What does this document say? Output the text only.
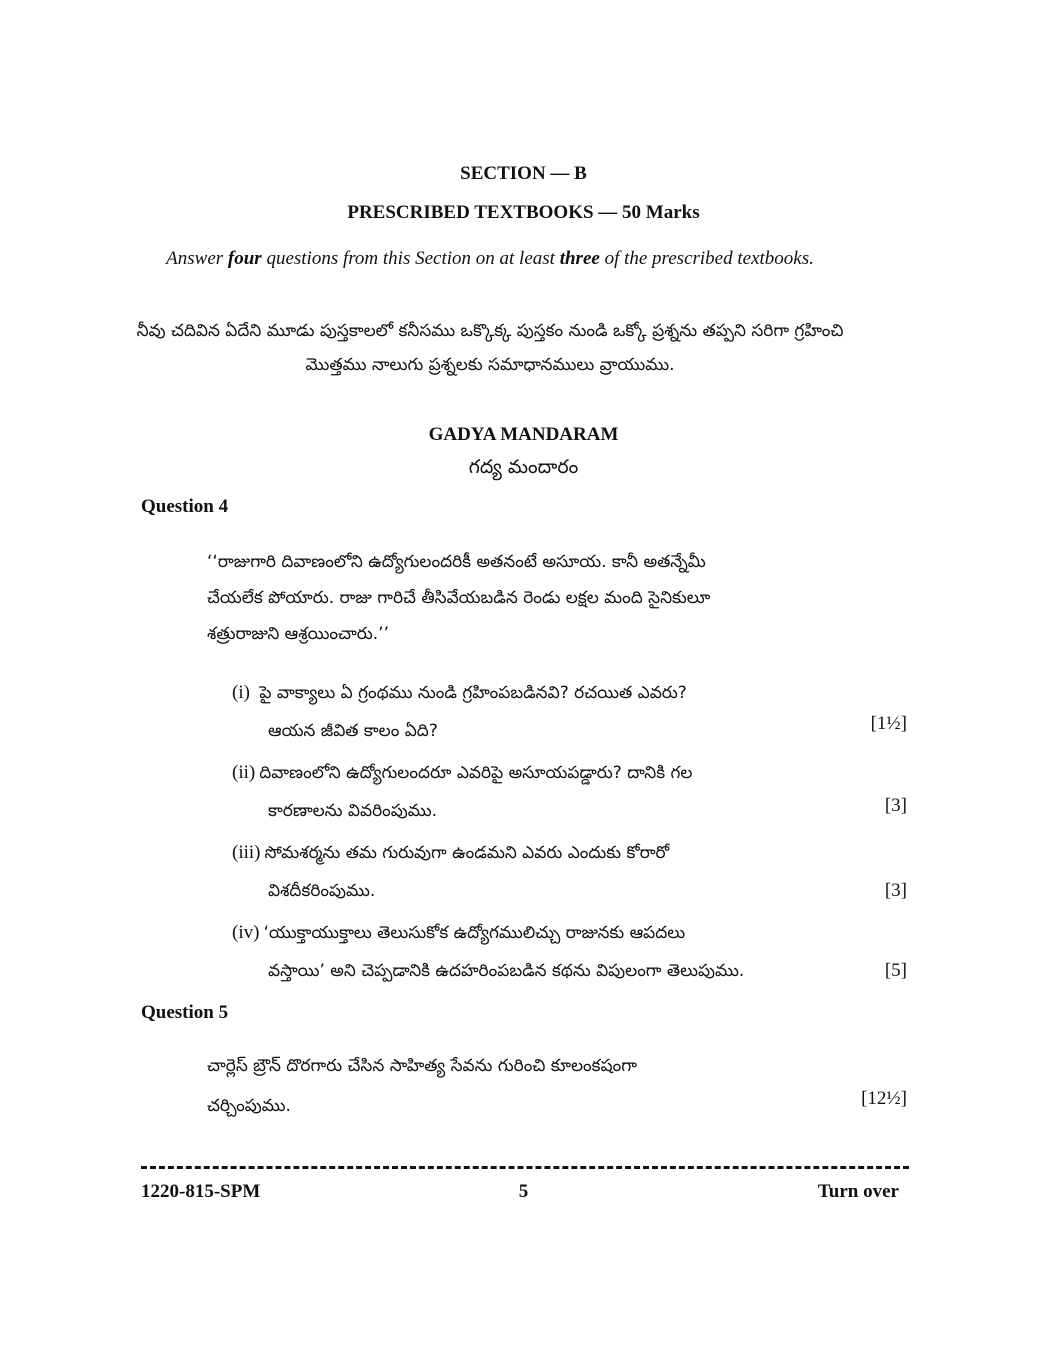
SECTION — B
PRESCRIBED TEXTBOOKS — 50 Marks
Answer four questions from this Section on at least three of the prescribed textbooks.
నీవు చదివిన ఏదేని మూడు పుస్తకాలలో కనీసము ఒక్కొక్క పుస్తకం నుండి ఒక్కో ప్రశ్నను తప్పని సరిగా గ్రహించి మొత్తము నాలుగు ప్రశ్నలకు సమాధానములు వ్రాయుము.
GADYA MANDARAM
గద్య మందారం
Question 4
‘‘రాజుగారి దివాణంలోని ఉద్యోగులందరికీ అతనంటే అసూయ. కానీ అతన్నేమీ
చేయలేక పోయారు. రాజు గారిచే తీసివేయబడిన రెండు లక్షల మంది సైనికులూ
శత్రురాజుని ఆశ్రయించారు.’’
(i) పై వాక్యాలు ఏ గ్రంథము నుండి గ్రహింపబడినవి? రచయిత ఎవరు?
ఆయన జీవిత కాలం ఏది?	[1½]
(ii) దివాణంలోని ఉద్యోగులందరూ ఎవరిపై అసూయపడ్డారు? దానికి గల
కారణాలను వివరింపుము.	[3]
(iii) సోమశర్మను తమ గురువుగా ఉండమని ఎవరు ఎందుకు కోరారో
విశదీకరింపుము.	[3]
(iv) ‘యుక్తాయుక్తాలు తెలుసుకోక ఉద్యోగములిచ్చు రాజునకు ఆపదలు
వస్తాయి’ అని చెప్పడానికి ఉదహరింపబడిన కథను విపులంగా తెలుపుము.	[5]
Question 5
చార్లెస్ బ్రౌన్ దొరగారు చేసిన సాహిత్య సేవను గురించి కూలంకషంగా
చర్చింపుము.	[12½]
1220-815-SPM	5	Turn over
